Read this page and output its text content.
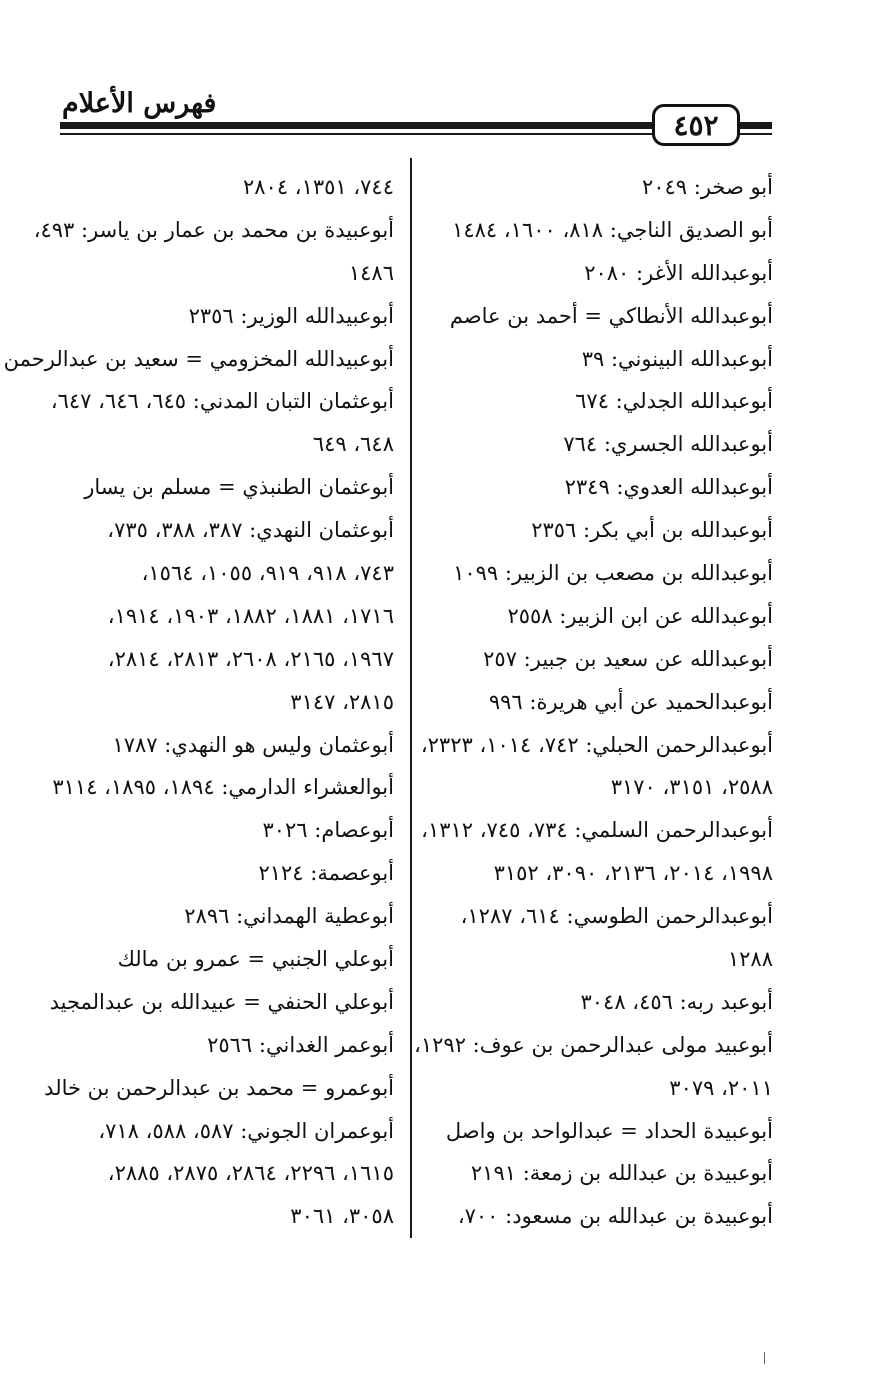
فهرس الأعلام
٤٥٢
أبو صخر: ٢٠٤٩
أبو الصديق الناجي: ٨١٨، ١٦٠٠، ١٤٨٤
أبوعبدالله الأغر: ٢٠٨٠
أبوعبدالله الأنطاكي = أحمد بن عاصم
أبوعبدالله البينوني: ٣٩
أبوعبدالله الجدلي: ٦٧٤
أبوعبدالله الجسري: ٧٦٤
أبوعبدالله العدوي: ٢٣٤٩
أبوعبدالله بن أبي بكر: ٢٣٥٦
أبوعبدالله بن مصعب بن الزبير: ١٠٩٩
أبوعبدالله عن ابن الزبير: ٢٥٥٨
أبوعبدالله عن سعيد بن جبير: ٢٥٧
أبوعبدالحميد عن أبي هريرة: ٩٩٦
أبوعبدالرحمن الحبلي: ٧٤٢، ١٠١٤، ٢٣٢٣،
٢٥٨٨، ٣١٥١، ٣١٧٠
أبوعبدالرحمن السلمي: ٧٣٤، ٧٤٥، ١٣١٢،
١٩٩٨، ٢٠١٤، ٢١٣٦، ٣٠٩٠، ٣١٥٢
أبوعبدالرحمن الطوسي: ٦١٤، ١٢٨٧،
١٢٨٨
أبوعبد ربه: ٤٥٦، ٣٠٤٨
أبوعبيد مولى عبدالرحمن بن عوف: ١٢٩٢،
٢٠١١، ٣٠٧٩
أبوعبيدة الحداد = عبدالواحد بن واصل
أبوعبيدة بن عبدالله بن زمعة: ٢١٩١
أبوعبيدة بن عبدالله بن مسعود: ٧٠٠،
٧٤٤، ١٣٥١، ٢٨٠٤
أبوعبيدة بن محمد بن عمار بن ياسر: ٤٩٣،
١٤٨٦
أبوعبيدالله الوزير: ٢٣٥٦
أبوعبيدالله المخزومي = سعيد بن عبدالرحمن
أبوعثمان التبان المدني: ٦٤٥، ٦٤٦، ٦٤٧،
٦٤٨، ٦٤٩
أبوعثمان الطنبذي = مسلم بن يسار
أبوعثمان النهدي: ٣٨٧، ٣٨٨، ٧٣٥،
٧٤٣، ٩١٨، ٩١٩، ١٠٥٥، ١٥٦٤،
١٧١٦، ١٨٨١، ١٨٨٢، ١٩٠٣، ١٩١٤،
١٩٦٧، ٢١٦٥، ٢٦٠٨، ٢٨١٣، ٢٨١٤،
٢٨١٥، ٣١٤٧
أبوعثمان وليس هو النهدي: ١٧٨٧
أبوالعشراء الدارمي: ١٨٩٤، ١٨٩٥، ٣١١٤
أبوعصام: ٣٠٢٦
أبوعصمة: ٢١٢٤
أبوعطية الهمداني: ٢٨٩٦
أبوعلي الجنبي = عمرو بن مالك
أبوعلي الحنفي = عبيدالله بن عبدالمجيد
أبوعمر الغداني: ٢٥٦٦
أبوعمرو = محمد بن عبدالرحمن بن خالد
أبوعمران الجوني: ٥٨٧، ٥٨٨، ٧١٨،
١٦١٥، ٢٢٩٦، ٢٨٦٤، ٢٨٧٥، ٢٨٨٥،
٣٠٥٨، ٣٠٦١
